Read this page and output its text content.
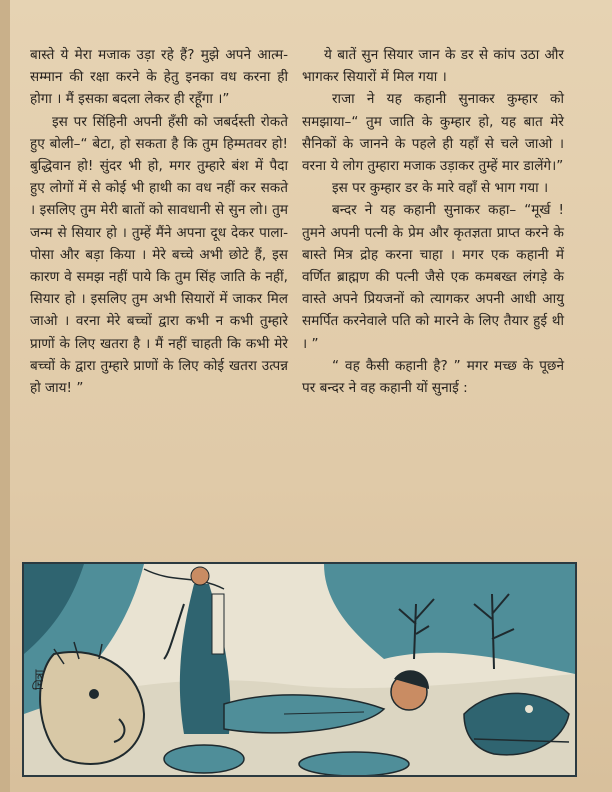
बास्ते ये मेरा मजाक उड़ा रहे हैं? मुझे अपने आत्म-सम्मान की रक्षा करने के हेतु इनका वध करना ही होगा । मैं इसका बदला लेकर ही रहूँगा ।”

इस पर सिंहिनी अपनी हँसी को जबर्दस्ती रोकते हुए बोली–“ बेटा, हो सकता है कि तुम हिम्मतवर हो! बुद्धिवान हो! सुंदर भी हो, मगर तुम्हारे बंश में पैदा हुए लोगों में से कोई भी हाथी का वध नहीं कर सकते । इसलिए तुम मेरी बातों को सावधानी से सुन लो। तुम जन्म से सियार हो । तुम्हें मैंने अपना दूध देकर पाला-पोसा और बड़ा किया । मेरे बच्चे अभी छोटे हैं, इस कारण वे समझ नहीं पाये कि तुम सिंह जाति के नहीं, सियार हो । इसलिए तुम अभी सियारों में जाकर मिल जाओ । वरना मेरे बच्चों द्वारा कभी न कभी तुम्हारे प्राणों के लिए खतरा है । मैं नहीं चाहती कि कभी मेरे बच्चों के द्वारा तुम्हारे प्राणों के लिए कोई खतरा उत्पन्न हो जाय! ”

ये बातें सुन सियार जान के डर से कांप उठा और भागकर सियारों में मिल गया ।

राजा ने यह कहानी सुनाकर कुम्हार को समझाया–“ तुम जाति के कुम्हार हो, यह बात मेरे सैनिकों के जानने के पहले ही यहाँ से चले जाओ । वरना ये लोग तुम्हारा मजाक उड़ाकर तुम्हें मार डालेंगे।”

इस पर कुम्हार डर के मारे वहाँ से भाग गया ।

बन्दर ने यह कहानी सुनाकर कहा– “मूर्ख ! तुमने अपनी पत्नी के प्रेम और कृतज्ञता प्राप्त करने के बास्ते मित्र द्रोह करना चाहा । मगर एक कहानी में वर्णित ब्राह्मण की पत्नी जैसे एक कमबख्त लंगड़े के वास्ते अपने प्रियजनों को त्यागकर अपनी आधी आयु समर्पित करनेवाले पति को मारने के लिए तैयार हुई थी । ”

“ वह कैसी कहानी है? ” मगर मच्छ के पूछने पर बन्दर ने वह कहानी यों सुनाई :

चित्रा
